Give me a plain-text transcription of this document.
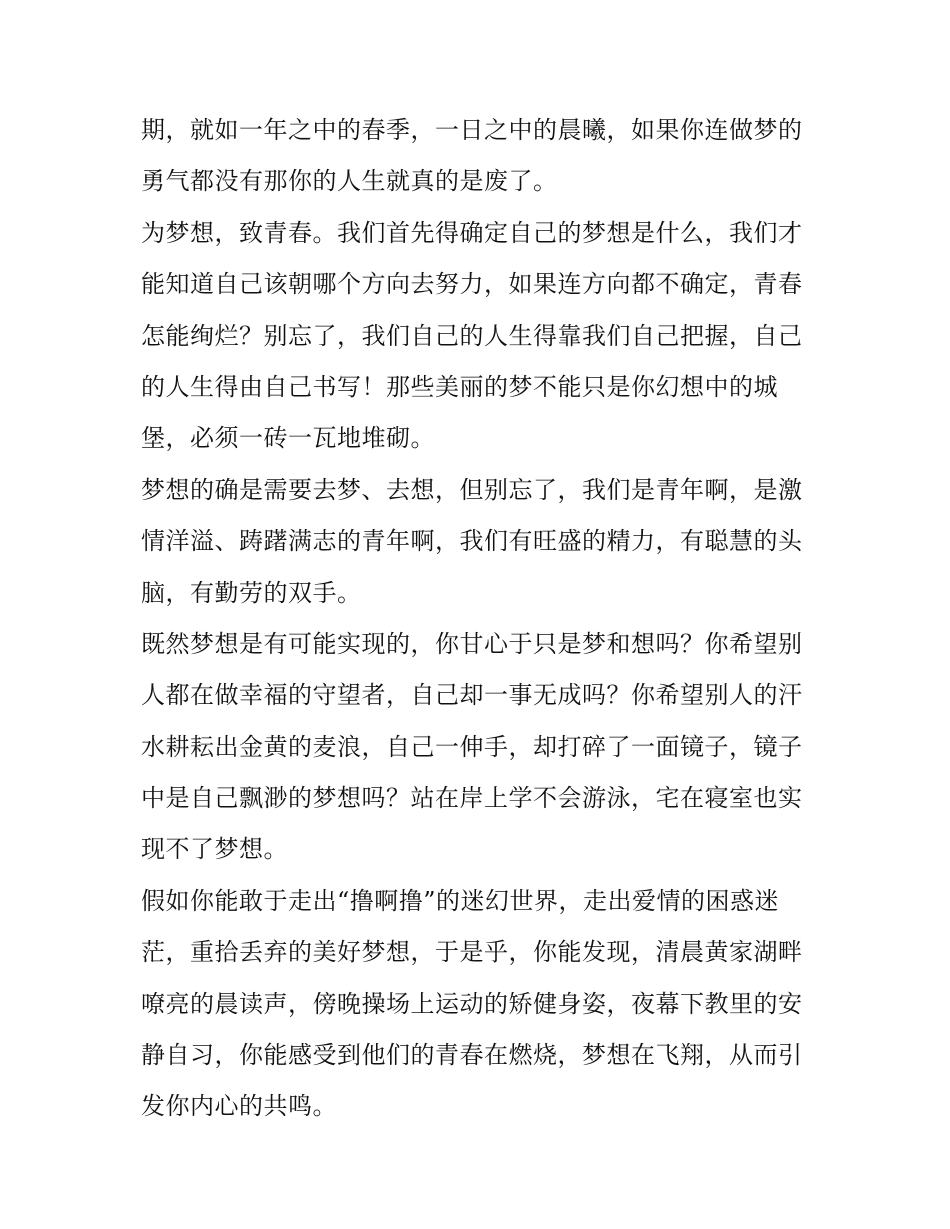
期，就如一年之中的春季，一日之中的晨曦，如果你连做梦的
勇气都没有那你的人生就真的是废了。
为梦想，致青春。我们首先得确定自己的梦想是什么，我们才
能知道自己该朝哪个方向去努力，如果连方向都不确定，青春
怎能绚烂？别忘了，我们自己的人生得靠我们自己把握，自己
的人生得由自己书写！那些美丽的梦不能只是你幻想中的城
堡，必须一砖一瓦地堆砌。
梦想的确是需要去梦、去想，但别忘了，我们是青年啊，是激
情洋溢、踌躇满志的青年啊，我们有旺盛的精力，有聪慧的头
脑，有勤劳的双手。
既然梦想是有可能实现的，你甘心于只是梦和想吗？你希望别
人都在做幸福的守望者，自己却一事无成吗？你希望别人的汗
水耕耘出金黄的麦浪，自己一伸手，却打碎了一面镜子，镜子
中是自己飘渺的梦想吗？站在岸上学不会游泳，宅在寝室也实
现不了梦想。
假如你能敢于走出“撸啊撸”的迷幻世界，走出爱情的困惑迷
茫，重拾丢弃的美好梦想，于是乎，你能发现，清晨黄家湖畔
嘹亮的晨读声，傍晚操场上运动的矫健身姿，夜幕下教里的安
静自习，你能感受到他们的青春在燃烧，梦想在飞翔，从而引
发你内心的共鸣。
